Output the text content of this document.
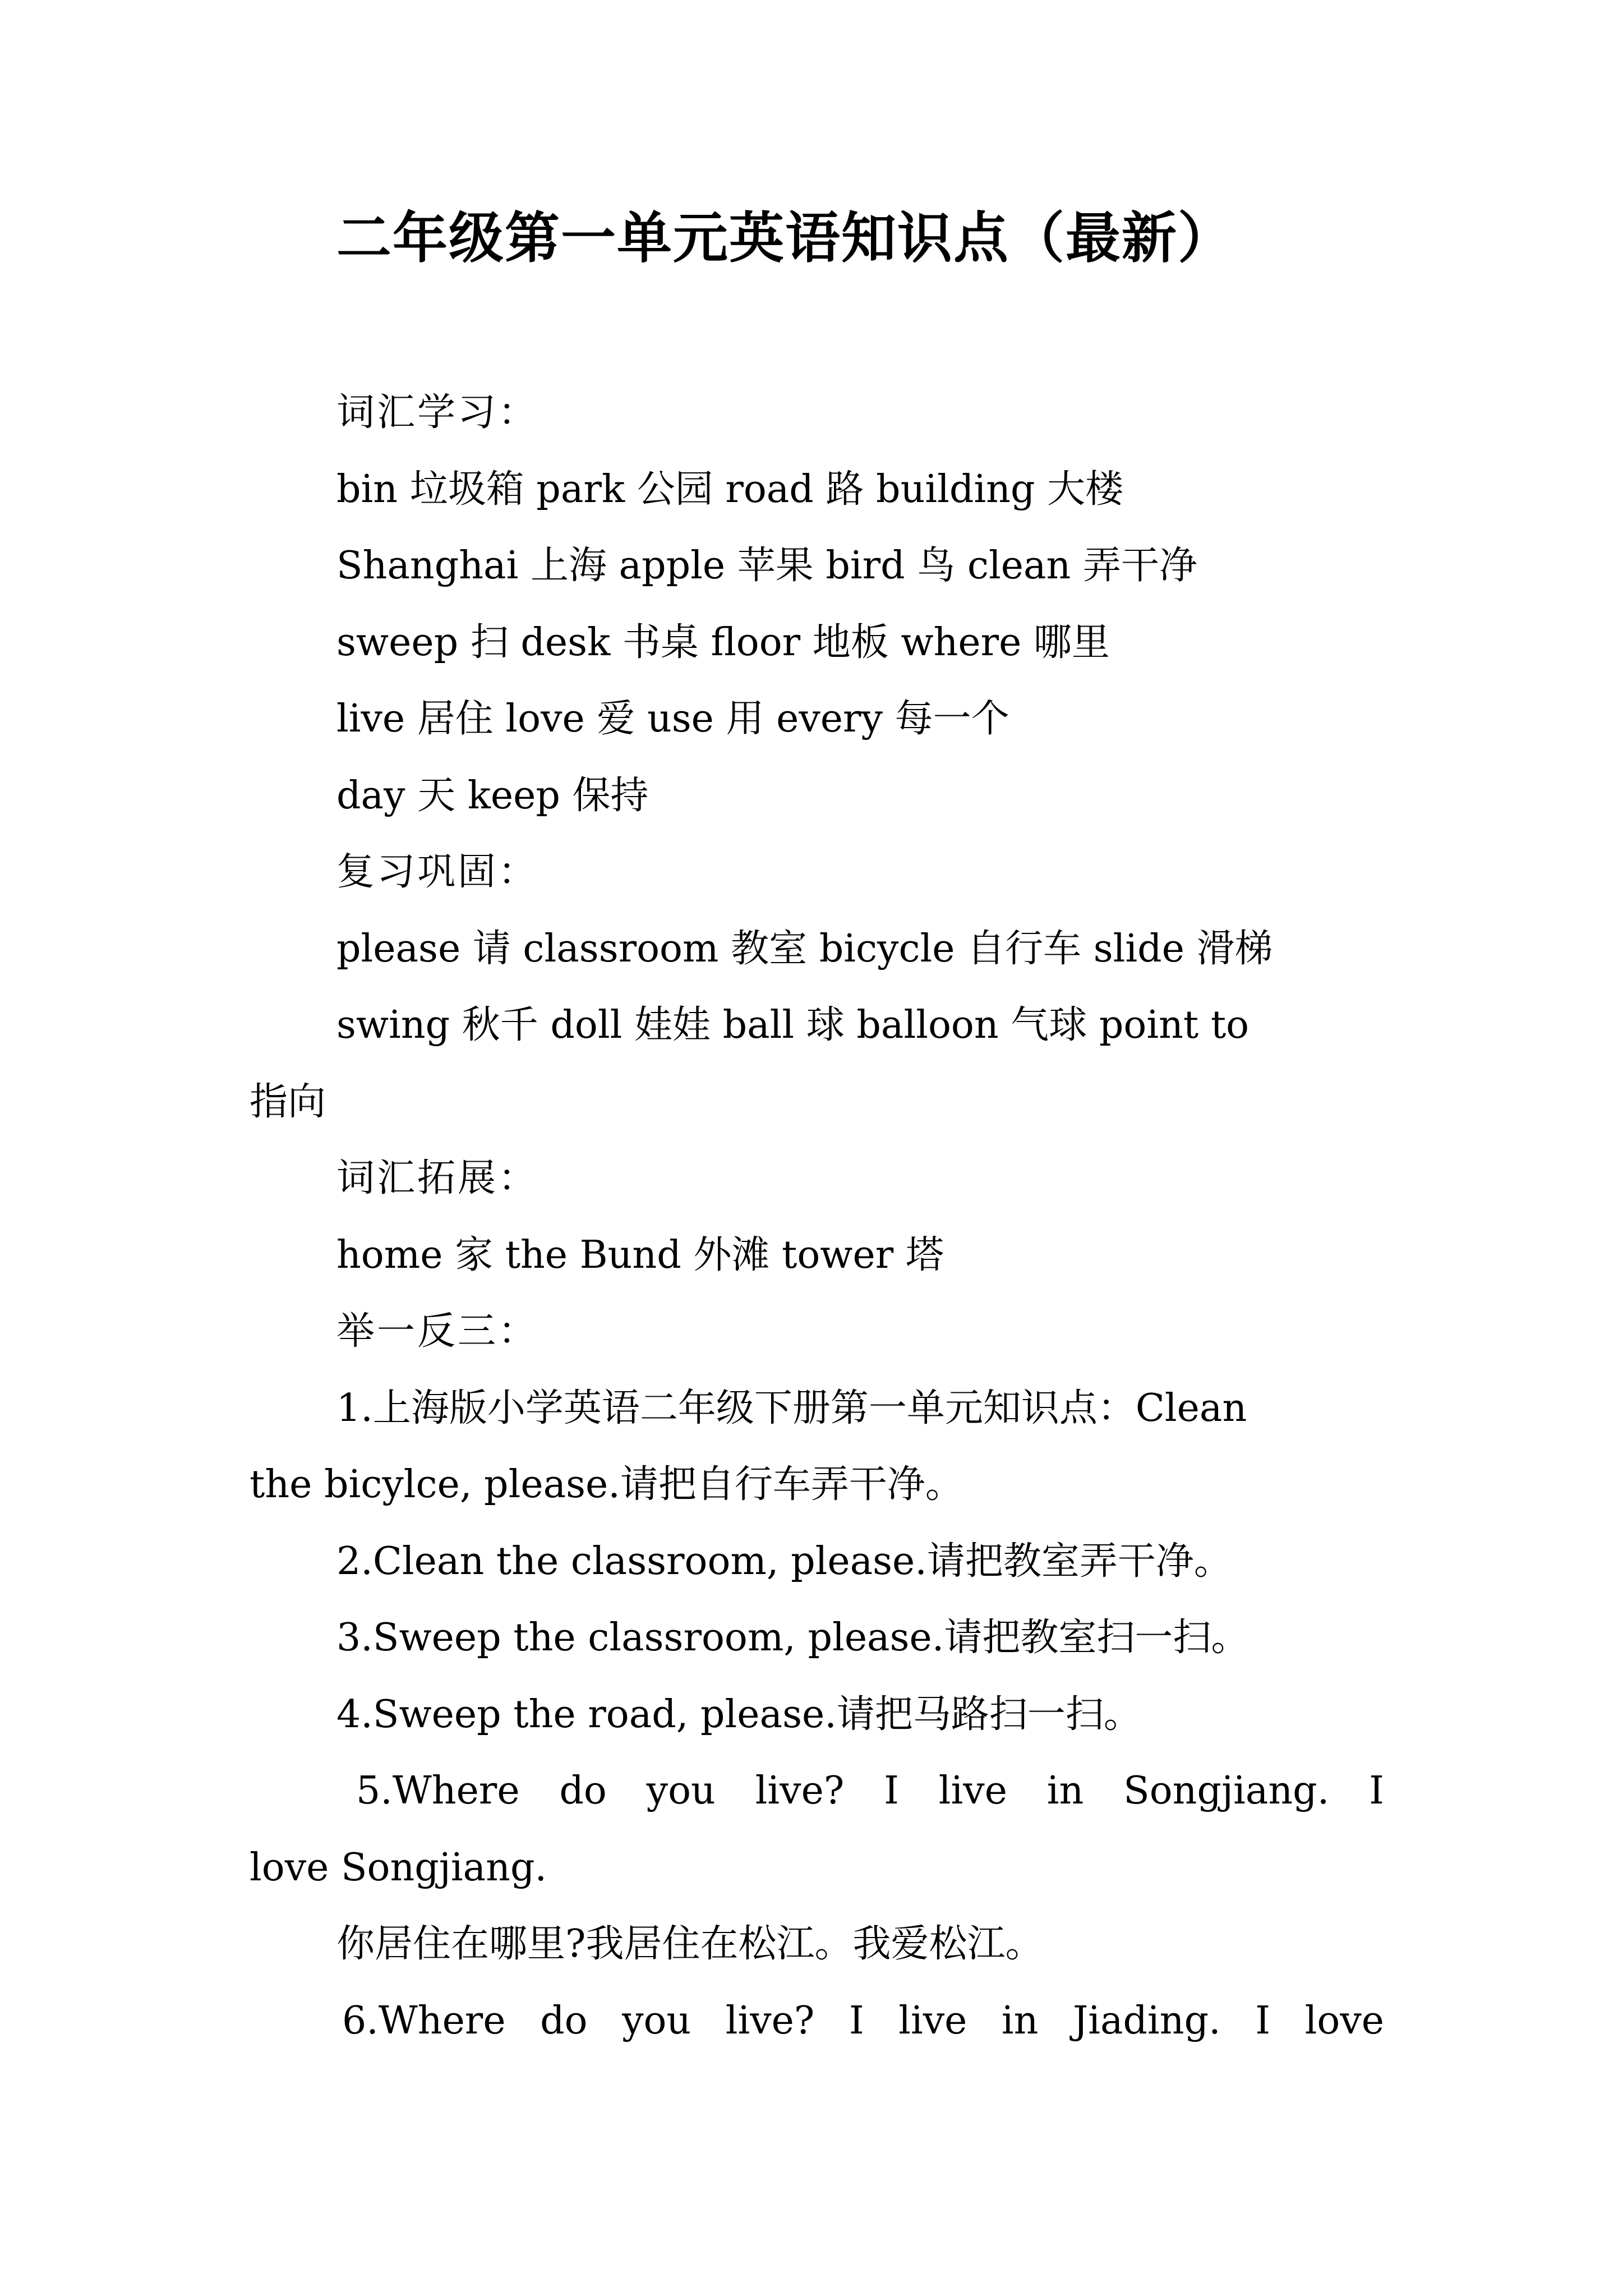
二年级第一单元英语知识点（最新）
词汇学习：
bin 垃圾箱 park 公园 road 路 building 大楼
Shanghai 上海 apple 苹果 bird 鸟 clean 弄干净
sweep 扫 desk 书桌 floor 地板 where 哪里
live 居住 love 爱 use 用 every 每一个
day 天 keep 保持
复习巩固：
please 请 classroom 教室 bicycle 自行车 slide 滑梯
swing 秋千 doll 娃娃 ball 球 balloon 气球 point to
指向
词汇拓展：
home 家 the Bund 外滩 tower 塔
举一反三：
1.上海版小学英语二年级下册第一单元知识点：Clean
the bicylce, please.请把自行车弄干净。
2.Clean the classroom, please.请把教室弄干净。
3.Sweep the classroom, please.请把教室扫一扫。
4.Sweep the road, please.请把马路扫一扫。
5.Where do you live? I live in Songjiang. I
love Songjiang.
你居住在哪里?我居住在松江。我爱松江。
6.Where do you live? I live in Jiading. I love
